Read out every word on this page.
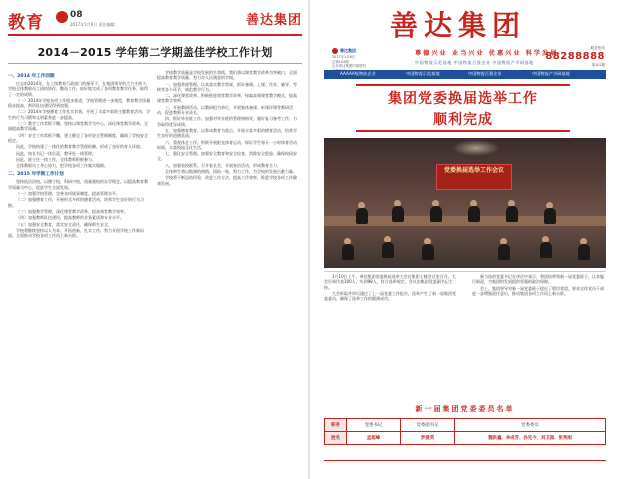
教育	08
2017年1月6日 责任编辑：	善达集团
2014－2015 学年第二学期盖佳学校工作计划
一、2014 年工作回顾

过去的2014年，在上级教育行政部门的指导下，在集团领导的大力支持下，学校全体教职员工团结协作，勤奋工作，较好地完成了各项教育教学任务，取得了一定的成绩。

（一）2014年学校各项工作稳步推进，学校管理进一步规范，教育教学质量稳步提高，师资队伍建设得到加强。

（二）2014年学校德育工作扎实有效，开展了丰富多彩的主题教育活动，学生的行为习惯和文明素养进一步提高。

（三）教学工作常抓不懈，坚持以课堂教学为中心，深化课堂教学改革，全面提高教学质量。

（四）安全工作常抓不懈，建立健全了各项安全管理制度，确保了学校安全稳定。

因此，学校构建了一体化的教育教学管理机制，形成了良好的育人环境。

因此，校长书记一体负责，教导处一线管理。

因此，班主任一线工作，全体教师积极参与。

全体教职员工齐心协力，把学校各项工作做实做细。

二、2015 年学期工作计划

坚持依法治校，以德立校，科研兴校，质量强校的办学理念，以提高教育教学质量为中心，促进学生全面发展。

（一）加强学校管理，完善各项规章制度，提高管理水平。

（二）加强德育工作，开展形式多样的德育活动，培养学生良好的行为习惯。

（三）加强教学管理，深化课堂教学改革，提高课堂教学效率。

（四）加强教师队伍建设，提高教师的业务素质和专业水平。

（五）加强安全教育，落实安全责任，确保师生安全。

学校将继续坚持以人为本，开拓创新，扎实工作，努力开创学校工作新局面，全面推动学校各项工作再上新台阶。

学校教学质量是学校发展的生命线，我们将以课堂教学改革为突破口，全面提高教育教学质量，努力办人民满意的学校。

一、加强常规管理。认真落实教学常规，抓好备课、上课、作业、辅导、考核等各个环节，规范教学行为。

二、深化课堂改革。积极推进课堂教学改革，探索高效课堂教学模式，提高课堂教学效率。

三、开展教研活动。以教研组为单位，开展集体备课、听课评课等教研活动，促进教师专业成长。

四、抓好毕业班工作。加强对毕业班的管理和指导，做好复习备考工作，力争取得优异成绩。

五、加强德育教育。以养成教育为重点，开展丰富多彩的德育活动，培养学生良好的道德品质。

六、重视体艺工作。积极开展阳光体育运动，保证学生每天一小时体育活动时间，丰富校园文化生活。

七、强化安全管理。加强安全教育和安全检查，消除安全隐患，确保校园安全。

八、加强家校联系。召开家长会，开展家访活动，形成教育合力。

全体师生将以饱满的热情，团结一致，努力工作，为学校的发展贡献力量。

学校将不断总结经验，改进工作方法，提高工作效率，推进学校各项工作健康发展。

善达集团
善达集团
2017年1月6日
总第102期
山东善达集团内部资料
尊德兴业 业当兴业 优惠兴业 科学发展
中国物流示范基地 中国物流百强企业 中国物流产学研基地
服务热线
88288888
第102期
AAAAA级物流企业	中国物流示范基地	中国物流百强企业	中国物流产学研基地
集团党委换届选举工作
顺利完成
党委换届选举工作会议

1月10日上午，善达集团党委换届选举大会在集团七楼会议室召开。大会应到代表100人，实到98人，符合选举规定。会议由集团党委副书记主持。

大会听取并审议通过了上一届党委工作报告，选举产生了新一届集团党委委员，确保了选举工作的圆满成功。

新当选的党委书记在讲话中表示，将团结带领新一届党委班子，认真履行职责，为集团的发展提供坚强的政治保障。

会上，集团领导对新一届党委班子提出了殷切希望，要求全体党员干部进一步增强责任意识，推动集团各项工作再上新台阶。

新一届集团党委委员名单
职务	党委书记	党委副书记	党委委员
姓名	孟超峰	罗爱英	魏洪鑫、李成芳、孙克今、刘卫国、张秀刚
